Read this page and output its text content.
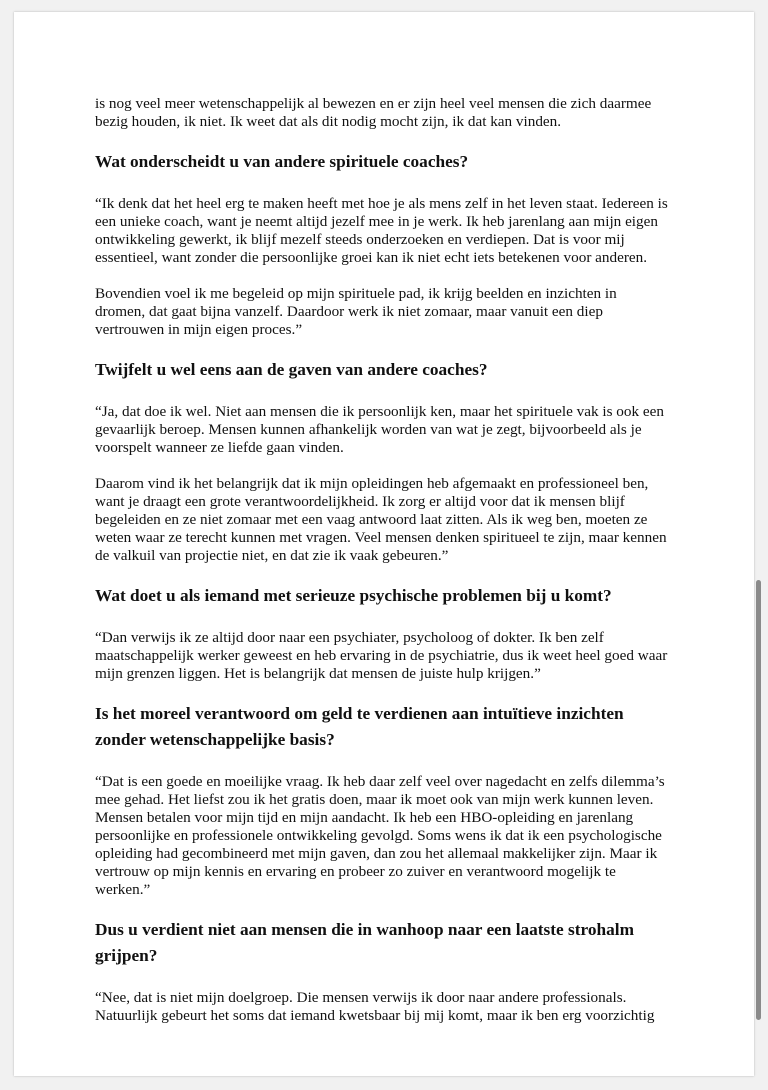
is nog veel meer wetenschappelijk al bewezen en er zijn heel veel mensen die zich daarmee
bezig houden, ik niet. Ik weet dat als dit nodig mocht zijn, ik dat kan vinden.

Wat onderscheidt u van andere spirituele coaches?

“Ik denk dat het heel erg te maken heeft met hoe je als mens zelf in het leven staat. Iedereen is
een unieke coach, want je neemt altijd jezelf mee in je werk. Ik heb jarenlang aan mijn eigen
ontwikkeling gewerkt, ik blijf mezelf steeds onderzoeken en verdiepen. Dat is voor mij
essentieel, want zonder die persoonlijke groei kan ik niet echt iets betekenen voor anderen.

Bovendien voel ik me begeleid op mijn spirituele pad, ik krijg beelden en inzichten in
dromen, dat gaat bijna vanzelf. Daardoor werk ik niet zomaar, maar vanuit een diep
vertrouwen in mijn eigen proces.”

Twijfelt u wel eens aan de gaven van andere coaches?

“Ja, dat doe ik wel. Niet aan mensen die ik persoonlijk ken, maar het spirituele vak is ook een
gevaarlijk beroep. Mensen kunnen afhankelijk worden van wat je zegt, bijvoorbeeld als je
voorspelt wanneer ze liefde gaan vinden.

Daarom vind ik het belangrijk dat ik mijn opleidingen heb afgemaakt en professioneel ben,
want je draagt een grote verantwoordelijkheid. Ik zorg er altijd voor dat ik mensen blijf
begeleiden en ze niet zomaar met een vaag antwoord laat zitten. Als ik weg ben, moeten ze
weten waar ze terecht kunnen met vragen. Veel mensen denken spiritueel te zijn, maar kennen
de valkuil van projectie niet, en dat zie ik vaak gebeuren.”

Wat doet u als iemand met serieuze psychische problemen bij u komt?

“Dan verwijs ik ze altijd door naar een psychiater, psycholoog of dokter. Ik ben zelf
maatschappelijk werker geweest en heb ervaring in de psychiatrie, dus ik weet heel goed waar
mijn grenzen liggen. Het is belangrijk dat mensen de juiste hulp krijgen.”

Is het moreel verantwoord om geld te verdienen aan intuïtieve inzichten
zonder wetenschappelijke basis?

“Dat is een goede en moeilijke vraag. Ik heb daar zelf veel over nagedacht en zelfs dilemma’s
mee gehad. Het liefst zou ik het gratis doen, maar ik moet ook van mijn werk kunnen leven.
Mensen betalen voor mijn tijd en mijn aandacht. Ik heb een HBO-opleiding en jarenlang
persoonlijke en professionele ontwikkeling gevolgd. Soms wens ik dat ik een psychologische
opleiding had gecombineerd met mijn gaven, dan zou het allemaal makkelijker zijn. Maar ik
vertrouw op mijn kennis en ervaring en probeer zo zuiver en verantwoord mogelijk te
werken.”

Dus u verdient niet aan mensen die in wanhoop naar een laatste strohalm
grijpen?

“Nee, dat is niet mijn doelgroep. Die mensen verwijs ik door naar andere professionals.
Natuurlijk gebeurt het soms dat iemand kwetsbaar bij mij komt, maar ik ben erg voorzichtig
